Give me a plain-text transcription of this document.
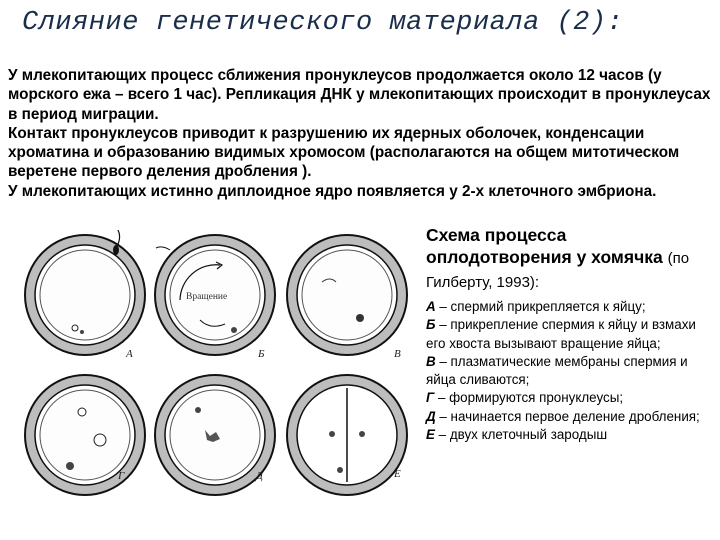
Слияние генетического материала (2):

У млекопитающих процесс сближения пронуклеусов продолжается около 12 часов (у морского ежа – всего 1 час). Репликация ДНК у млекопитающих происходит в пронуклеусах в период миграции.

Контакт пронуклеусов приводит к разрушению их ядерных оболочек, конденсации хроматина и образованию видимых хромосом (располагаются на общем митотическом веретене первого деления дробления ).

У млекопитающих истинно диплоидное ядро появляется у 2-х клеточного эмбриона.

Вращение
А	Б	В
Г	Д	Е
Схема процесса оплодотворения у хомячка (по Гилберту, 1993):

А – спермий прикрепляется к яйцу;

Б – прикрепление спермия к яйцу и взмахи его хвоста вызывают вращение яйца;

В – плазматические мембраны спермия и яйца сливаются;

Г – формируются пронуклеусы;

Д – начинается первое деление дробления;

Е – двух клеточный зародыш
